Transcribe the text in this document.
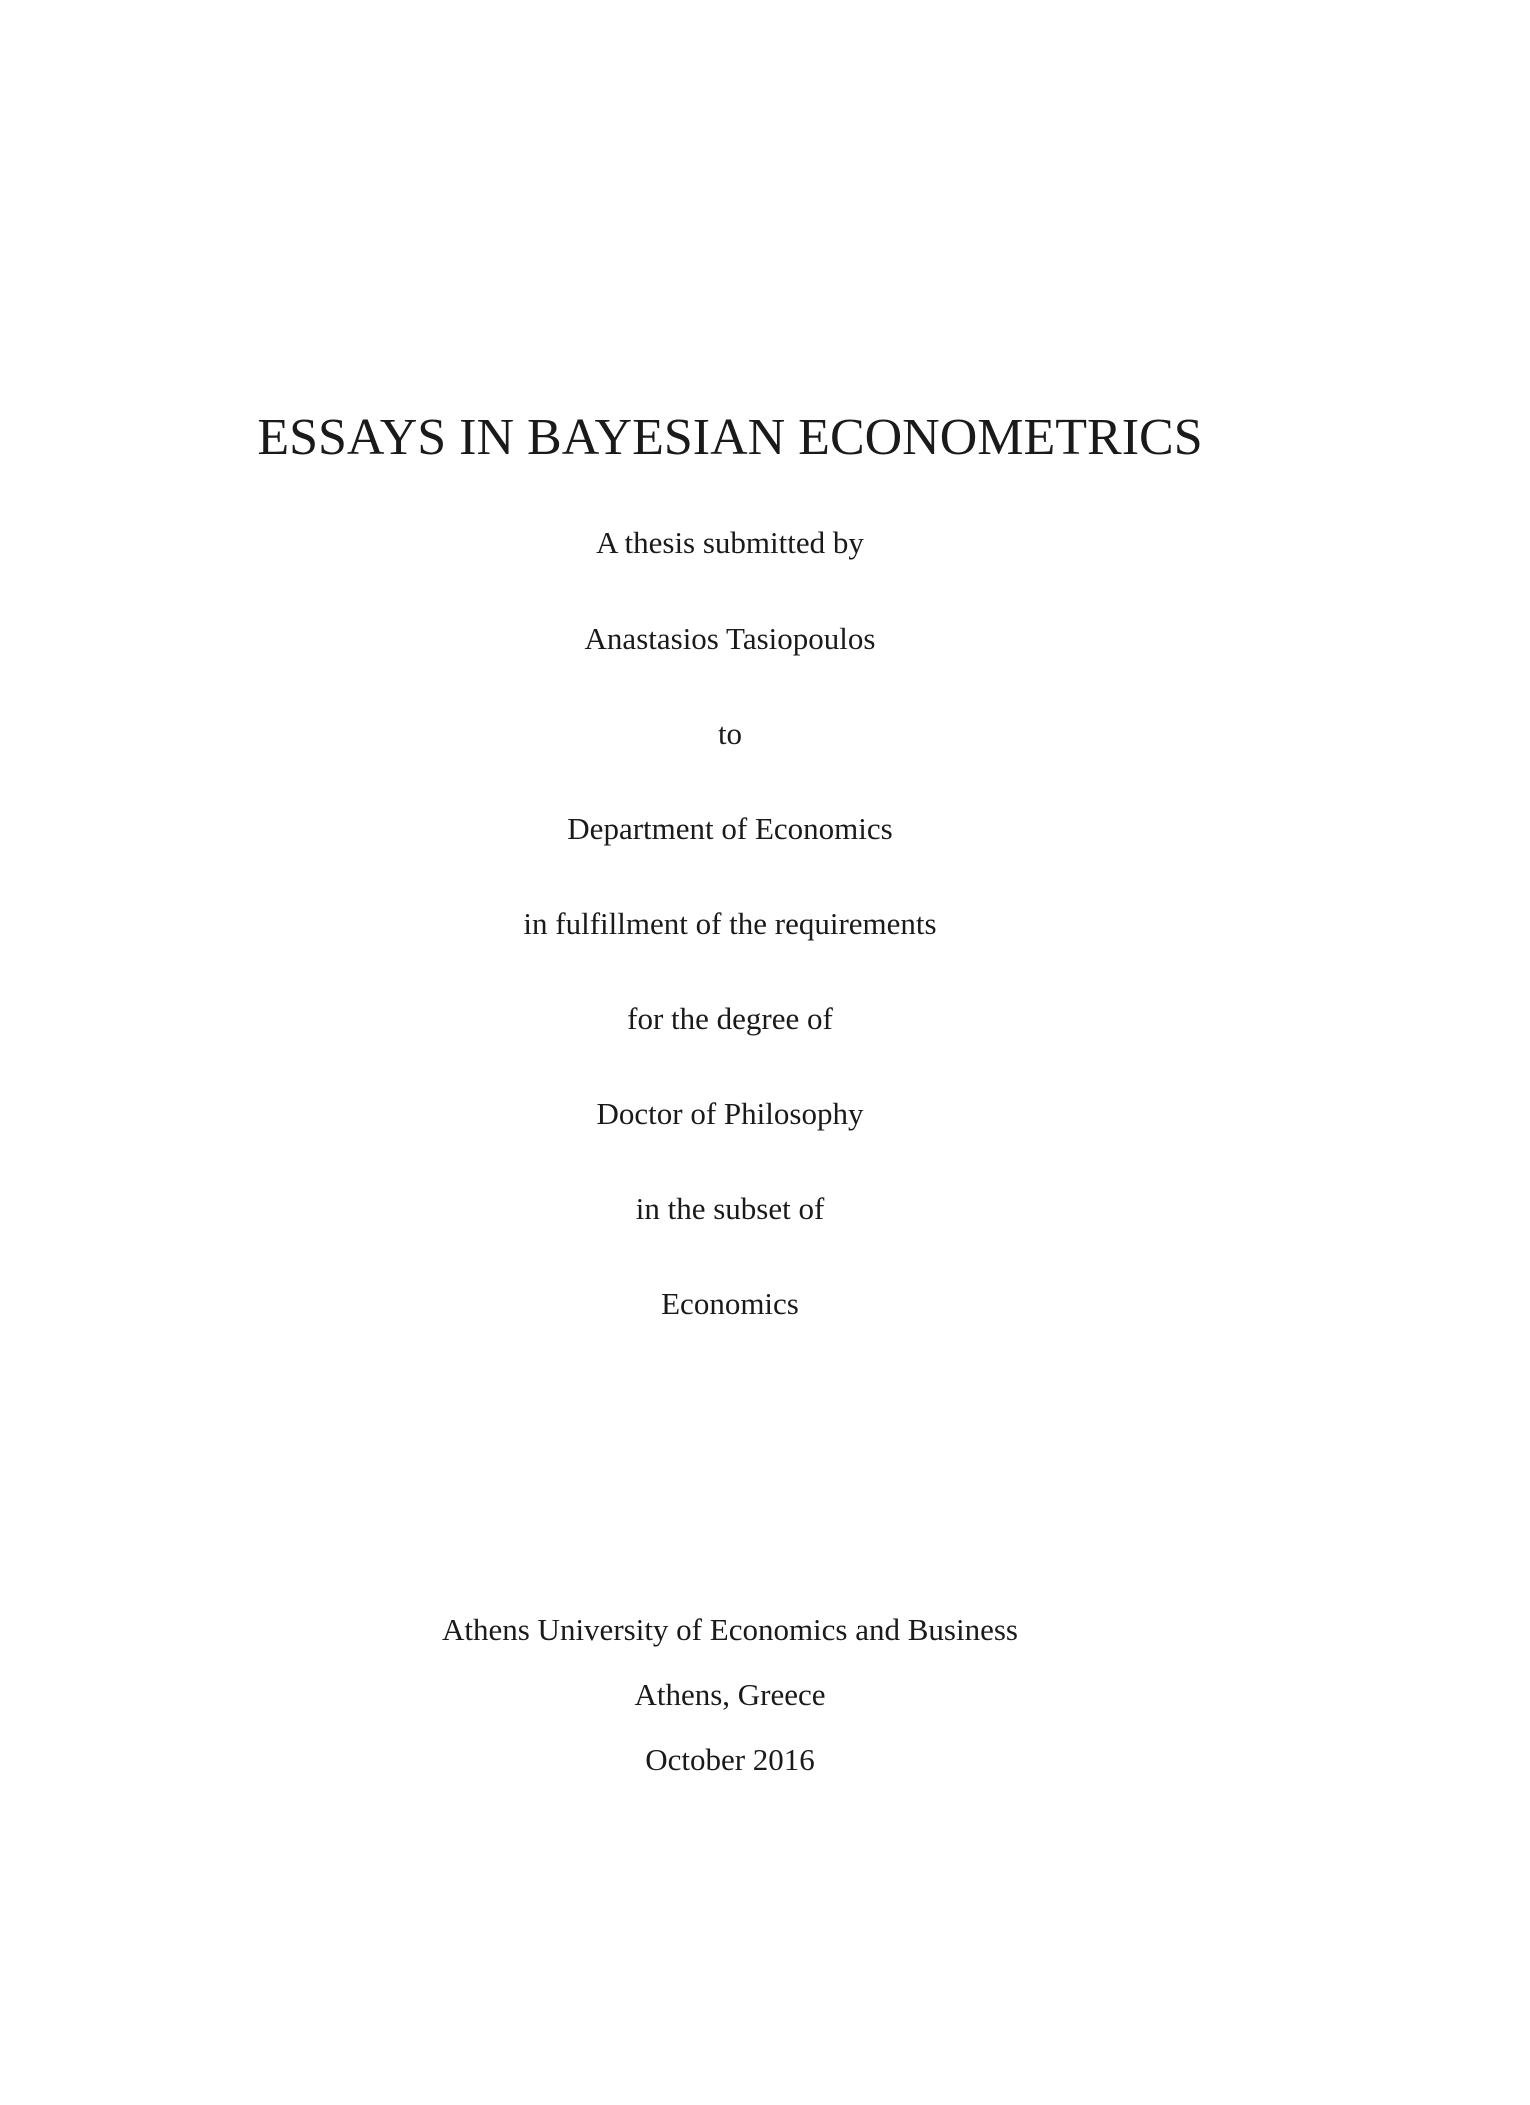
ESSAYS IN BAYESIAN ECONOMETRICS
A thesis submitted by
Anastasios Tasiopoulos
to
Department of Economics
in fulfillment of the requirements
for the degree of
Doctor of Philosophy
in the subset of
Economics
Athens University of Economics and Business
Athens, Greece
October 2016
